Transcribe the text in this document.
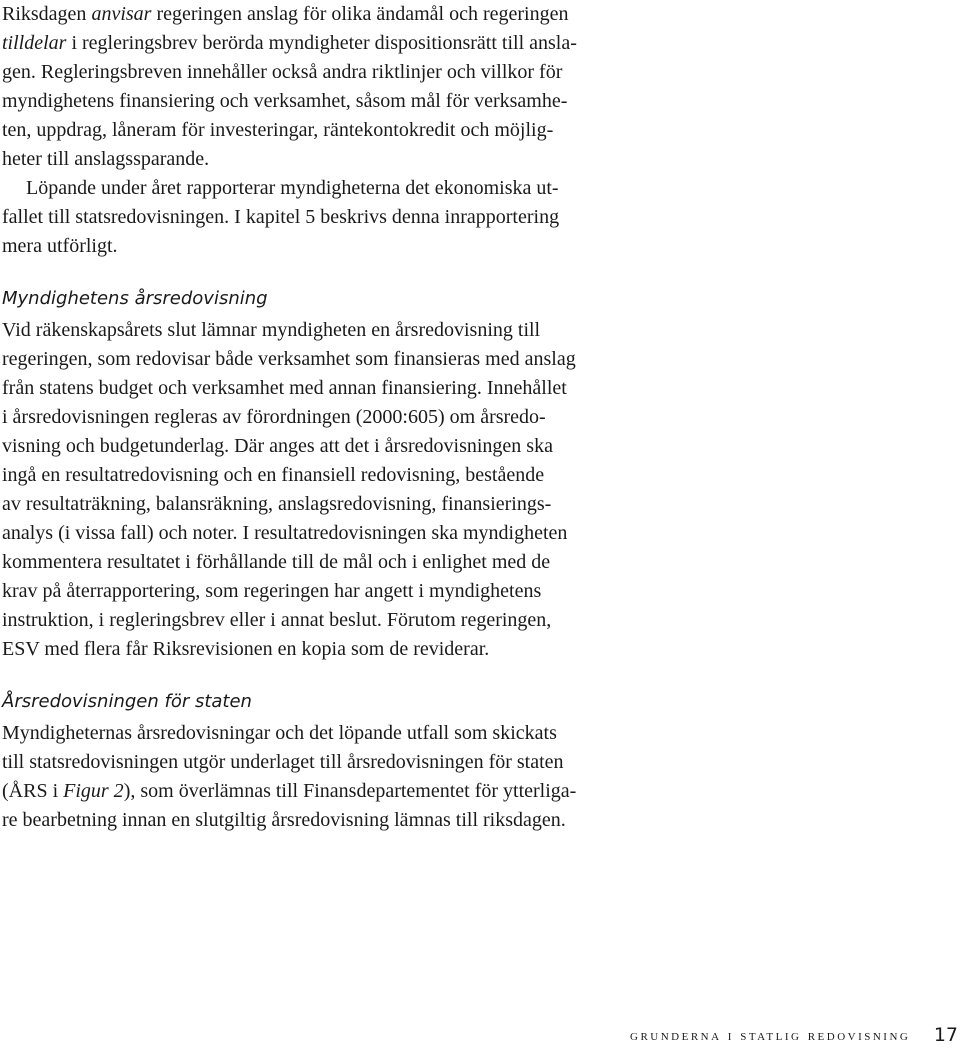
Riksdagen anvisar regeringen anslag för olika ändamål och regeringen
tilldelar i regleringsbrev berörda myndigheter dispositionsrätt till ansla-
gen. Regleringsbreven innehåller också andra riktlinjer och villkor för
myndighetens finansiering och verksamhet, såsom mål för verksamhe-
ten, uppdrag, låneram för investeringar, räntekontokredit och möjlig-
heter till anslagssparande.
Löpande under året rapporterar myndigheterna det ekonomiska ut-
fallet till statsredovisningen. I kapitel 5 beskrivs denna inrapportering
mera utförligt.
Myndighetens årsredovisning
Vid räkenskapsårets slut lämnar myndigheten en årsredovisning till
regeringen, som redovisar både verksamhet som finansieras med anslag
från statens budget och verksamhet med annan finansiering. Innehållet
i årsredovisningen regleras av förordningen (2000:605) om årsredo-
visning och budgetunderlag. Där anges att det i årsredovisningen ska
ingå en resultatredovisning och en finansiell redovisning, bestående
av resultaträkning, balansräkning, anslagsredovisning, finansierings-
analys (i vissa fall) och noter. I resultatredovisningen ska myndigheten
kommentera resultatet i förhållande till de mål och i enlighet med de
krav på återrapportering, som regeringen har angett i myndighetens
instruktion, i regleringsbrev eller i annat beslut. Förutom regeringen,
ESV med flera får Riksrevisionen en kopia som de reviderar.
Årsredovisningen för staten
Myndigheternas årsredovisningar och det löpande utfall som skickats
till statsredovisningen utgör underlaget till årsredovisningen för staten
(ÅRS i Figur 2), som överlämnas till Finansdepartementet för ytterliga-
re bearbetning innan en slutgiltig årsredovisning lämnas till riksdagen.
grunderna i statlig redovisning 17
